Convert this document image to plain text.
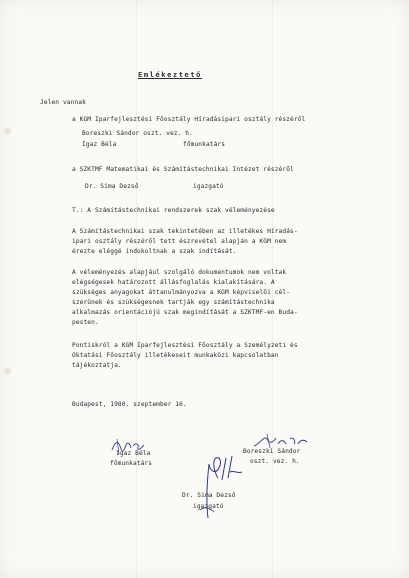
Emlékeztető
Jelen vannak
a KGM Iparfejlesztési Főosztály Híradásipari osztály részéről
Boreszki Sándor oszt. vez. h.
Igaz Béla	főmunkatárs
a SZKTMF Matematikai és Számítástechnikai Intézet részéről
Dr. Sima Dezső	igazgató
T.: A Számítástechnikai rendszerek szak véleményezése
A Számítástechnikai szak tekintetében az illetékes Híradás-
ipari osztály részéről tett észrevétel alapján a KGM nem
érezte eléggé indokoltnak a szak indítását.
A véleményezés alapjául szolgáló dokumentumok nem voltak
elégségesek határozott állásfoglalás kialakítására. A
szükséges anyagokat áttanulmányozva a KGM képviselői cél-
szerűnek és szükségesnek tartják egy számítástechnika
alkalmazás orientációjú szak megindítását a SZKTMF-en Buda-
pesten.
Pontiskról a KGM Iparfejlesztési Főosztály a Személyzeti és
Oktatási Főosztály illetékeseit munkaközi kapcsolatban
tájékoztatja.
Budapest, 1980. szeptember 16.
Igaz Béla
főmunkatárs
Boreszki Sándor
oszt. vez. h.
Dr. Sima Dezső
igazgató
